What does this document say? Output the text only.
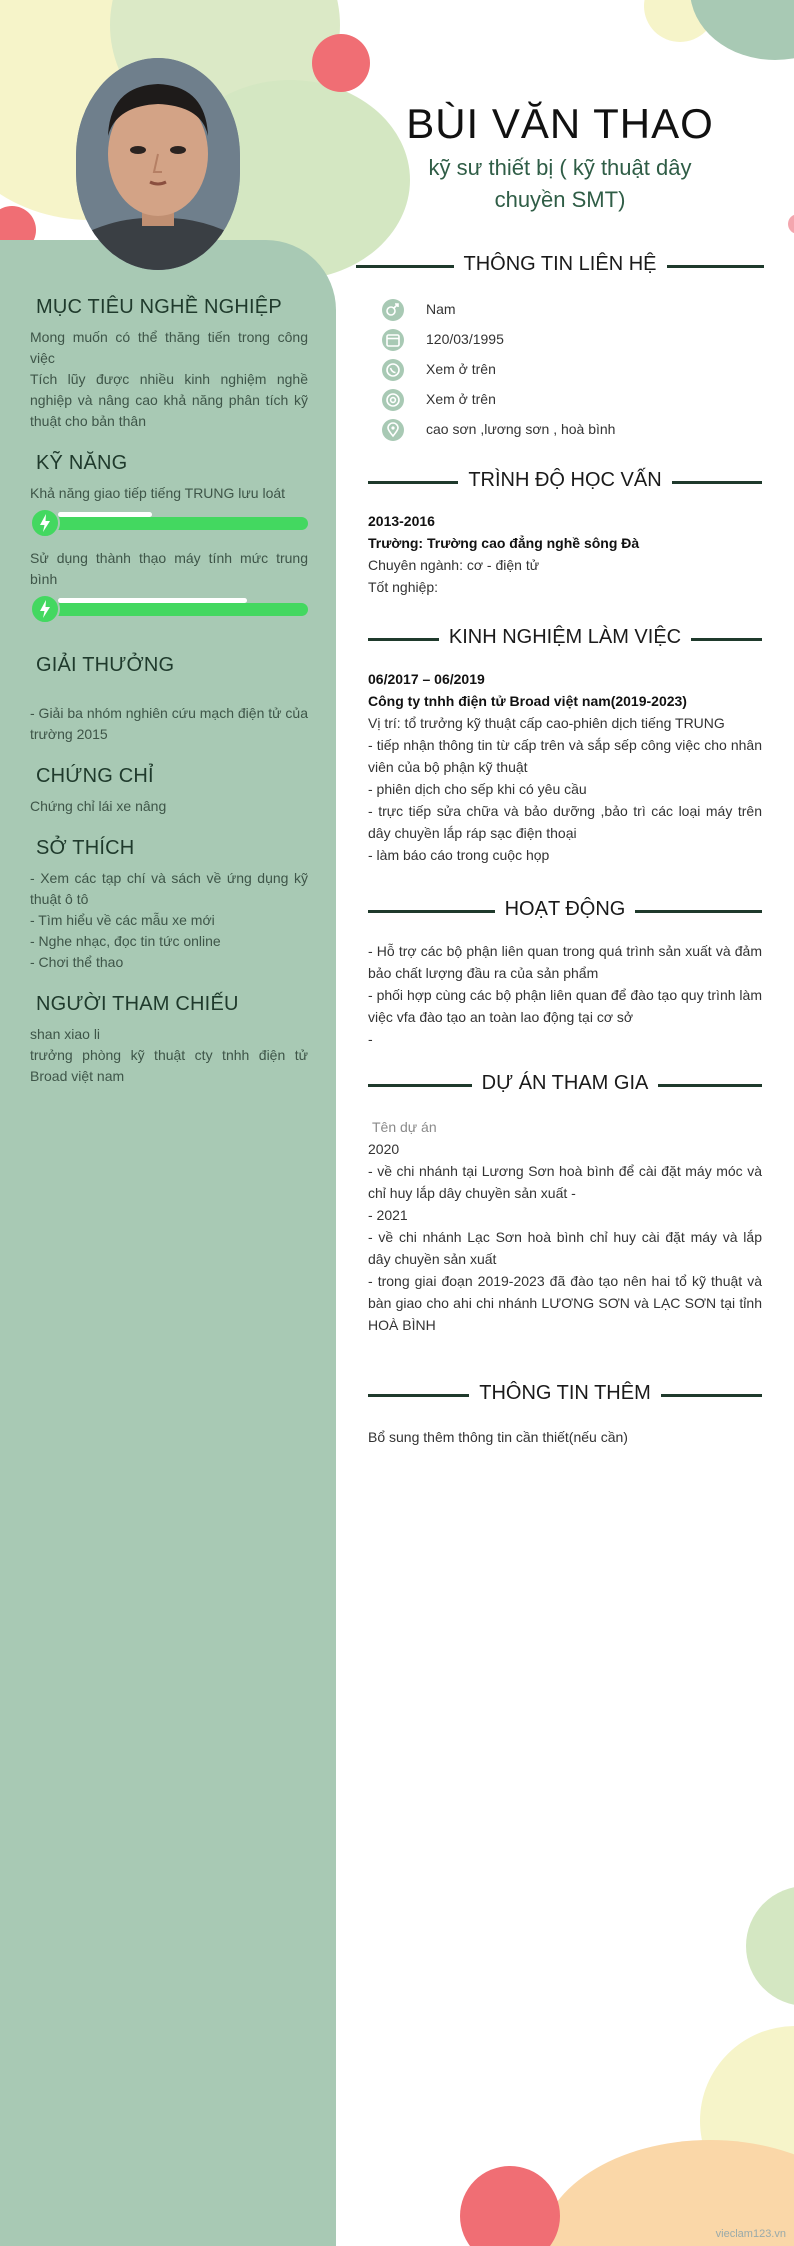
MỤC TIÊU NGHỀ NGHIỆP
Mong muốn có thể thăng tiến trong công việc
Tích lũy được nhiều kinh nghiệm nghề nghiệp và nâng cao khả năng phân tích kỹ thuật cho bản thân
KỸ NĂNG
Khả năng giao tiếp tiếng TRUNG lưu loát
Sử dụng thành thạo máy tính mức trung bình
GIẢI THƯỞNG
- Giải ba nhóm nghiên cứu mạch điện tử của trường 2015
CHỨNG CHỈ
Chứng chỉ lái xe nâng
SỞ THÍCH
- Xem các tạp chí và sách về ứng dụng kỹ thuật ô tô
- Tìm hiểu về các mẫu xe mới
- Nghe nhạc, đọc tin tức online
- Chơi thể thao
NGƯỜI THAM CHIẾU
shan xiao li
trưởng phòng kỹ thuật cty tnhh điện tử Broad việt nam
BÙI VĂN THAO
kỹ sư thiết bị ( kỹ thuật dây chuyền SMT)
THÔNG TIN LIÊN HỆ
Nam
120/03/1995
Xem ở trên
Xem ở trên
cao sơn ,lương sơn , hoà bình
TRÌNH ĐỘ HỌC VẤN
2013-2016
Trường: Trường cao đẳng nghề sông Đà
Chuyên ngành: cơ - điện tử
Tốt nghiệp:
KINH NGHIỆM LÀM VIỆC
06/2017 – 06/2019
Công ty tnhh điện tử Broad việt nam(2019-2023)
Vị trí: tổ trưởng kỹ thuật cấp cao-phiên dịch tiếng TRUNG
- tiếp nhận thông tin từ cấp trên và sắp sếp công việc cho nhân viên của bộ phận kỹ thuật
- phiên dịch cho sếp khi có yêu cầu
- trực tiếp sửa chữa và bảo dưỡng ,bảo trì các loại máy trên dây chuyền lắp ráp sạc điện thoại
- làm báo cáo trong cuộc họp
HOẠT ĐỘNG
- Hỗ trợ các bộ phận liên quan trong quá trình sản xuất và đảm bảo chất lượng đầu ra của sản phẩm
- phối hợp cùng các bộ phận liên quan để đào tạo quy trình làm việc vfa đào tạo an toàn lao động tại cơ sở
-
DỰ ÁN THAM GIA
Tên dự án
2020
- về chi nhánh tại Lương Sơn hoà bình để cài đặt máy móc và chỉ huy lắp dây chuyền sản xuất -
- 2021
- về chi nhánh Lạc Sơn hoà bình chỉ huy cài đặt máy và lắp dây chuyền sản xuất
- trong giai đoạn 2019-2023 đã đào tạo nên hai tổ kỹ thuật và bàn giao cho ahi chi nhánh LƯƠNG SƠN và LẠC SƠN tại tỉnh HOÀ BÌNH
THÔNG TIN THÊM
Bổ sung thêm thông tin cần thiết(nếu cần)
vieclam123.vn
